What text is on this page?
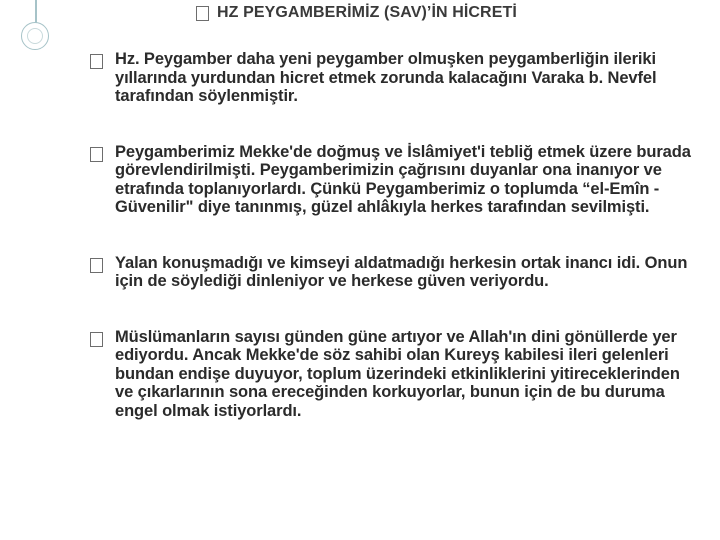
HZ PEYGAMBERİMİZ (SAV)’İN HİCRETİ
Hz. Peygamber daha yeni peygamber olmuşken peygamberliğin ileriki yıllarında yurdundan hicret etmek zorunda kalacağını Varaka b. Nevfel tarafından söylenmiştir.
Peygamberimiz Mekke'de doğmuş ve İslâmiyet'i tebliğ etmek üzere burada görevlendirilmişti. Peygamberimizin çağrısını duyanlar ona inanıyor ve etrafında toplanıyorlardı. Çünkü Peygamberimiz o toplumda “el-Emîn - Güvenilir" diye tanınmış, güzel ahlâkıyla herkes tarafından sevilmişti.
Yalan konuşmadığı ve kimseyi aldatmadığı herkesin ortak inancı idi. Onun için de söylediği dinleniyor ve herkese güven veriyordu.
Müslümanların sayısı günden güne artıyor ve Allah'ın dini gönüllerde yer ediyordu. Ancak Mekke'de söz sahibi olan Kureyş kabilesi ileri gelenleri bundan endişe duyuyor, toplum üzerindeki etkinliklerini yitireceklerinden ve çıkarlarının sona ereceğinden korkuyorlar, bunun için de bu duruma engel olmak istiyorlardı.
